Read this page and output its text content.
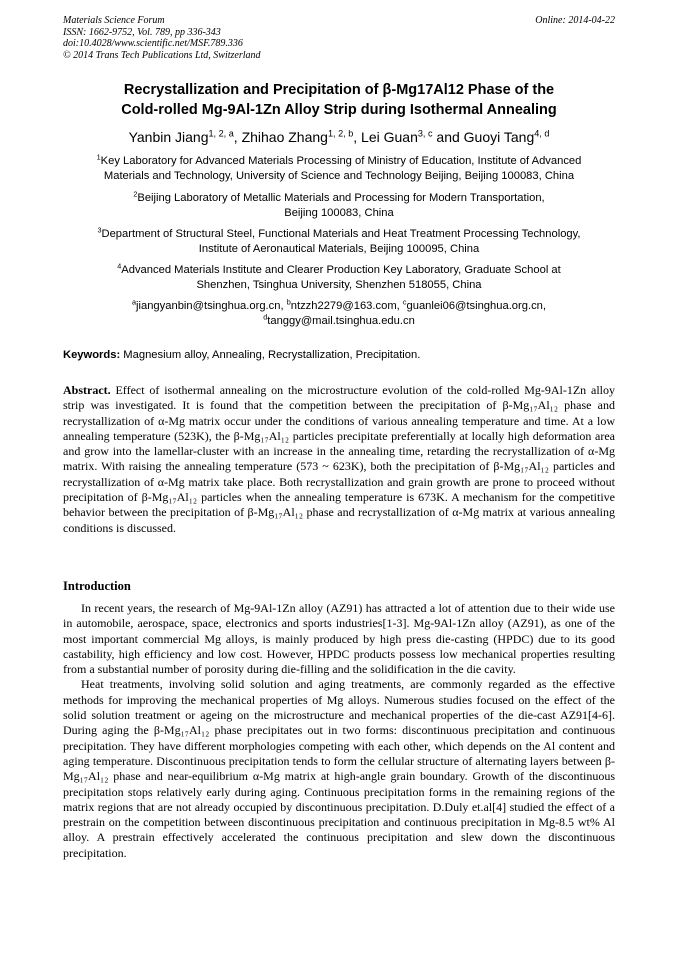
Materials Science Forum
ISSN: 1662-9752, Vol. 789, pp 336-343
doi:10.4028/www.scientific.net/MSF.789.336
© 2014 Trans Tech Publications Ltd, Switzerland
Online: 2014-04-22
Recrystallization and Precipitation of β-Mg17Al12 Phase of the
Cold-rolled Mg-9Al-1Zn Alloy Strip during Isothermal Annealing
Yanbin Jiang$^{1, 2, a}$, Zhihao Zhang$^{1, 2, b}$, Lei Guan$^{3, c}$ and Guoyi Tang$^{4, d}$
$^1$Key Laboratory for Advanced Materials Processing of Ministry of Education, Institute of Advanced
Materials and Technology, University of Science and Technology Beijing, Beijing 100083, China
$^2$Beijing Laboratory of Metallic Materials and Processing for Modern Transportation,
Beijing 100083, China
$^3$Department of Structural Steel, Functional Materials and Heat Treatment Processing Technology,
Institute of Aeronautical Materials, Beijing 100095, China
$^4$Advanced Materials Institute and Clearer Production Key Laboratory, Graduate School at
Shenzhen, Tsinghua University, Shenzhen 518055, China
$^a$jiangyanbin@tsinghua.org.cn, $^b$ntzzh2279@163.com, $^c$guanlei06@tsinghua.org.cn,
$^d$tanggy@mail.tsinghua.edu.cn
Keywords: Magnesium alloy, Annealing, Recrystallization, Precipitation.

Abstract. Effect of isothermal annealing on the microstructure evolution of the cold-rolled Mg-9Al-1Zn alloy strip was investigated. It is found that the competition between the precipitation of β-Mg₁₇Al₁₂ phase and recrystallization of α-Mg matrix occur under the conditions of various annealing temperature and time. At a low annealing temperature (523K), the β-Mg₁₇Al₁₂ particles precipitate preferentially at locally high deformation area and grow into the lamellar-cluster with an increase in the annealing time, retarding the recrystallization of α-Mg matrix. With raising the annealing temperature (573 ~ 623K), both the precipitation of β-Mg₁₇Al₁₂ particles and recrystallization of α-Mg matrix take place. Both recrystallization and grain growth are prone to proceed without precipitation of β-Mg₁₇Al₁₂ particles when the annealing temperature is 673K. A mechanism for the competitive behavior between the precipitation of β-Mg₁₇Al₁₂ phase and recrystallization of α-Mg matrix at various annealing conditions is discussed.

Introduction

In recent years, the research of Mg-9Al-1Zn alloy (AZ91) has attracted a lot of attention due to their wide use in automobile, aerospace, space, electronics and sports industries[1-3]. Mg-9Al-1Zn alloy (AZ91), as one of the most important commercial Mg alloys, is mainly produced by high press die-casting (HPDC) due to its good castability, high efficiency and low cost. However, HPDC products possess low mechanical properties resulting from a substantial number of porosity during die-filling and the solidification in the die cavity.

Heat treatments, involving solid solution and aging treatments, are commonly regarded as the effective methods for improving the mechanical properties of Mg alloys. Numerous studies focused on the effect of the solid solution treatment or ageing on the microstructure and mechanical properties of the die-cast AZ91[4-6]. During aging the β-Mg₁₇Al₁₂ phase precipitates out in two forms: discontinuous precipitation and continuous precipitation. They have different morphologies competing with each other, which depends on the Al content and aging temperature. Discontinuous precipitation tends to form the cellular structure of alternating layers between β-Mg₁₇Al₁₂ phase and near-equilibrium α-Mg matrix at high-angle grain boundary. Growth of the discontinuous precipitation stops relatively early during aging. Continuous precipitation forms in the remaining regions of the matrix regions that are not already occupied by discontinuous precipitation. D.Duly et.al[4] studied the effect of a prestrain on the competition between discontinuous precipitation and continuous precipitation in Mg-8.5 wt% Al alloy. A prestrain effectively accelerated the continuous precipitation and slew down the discontinuous precipitation.
